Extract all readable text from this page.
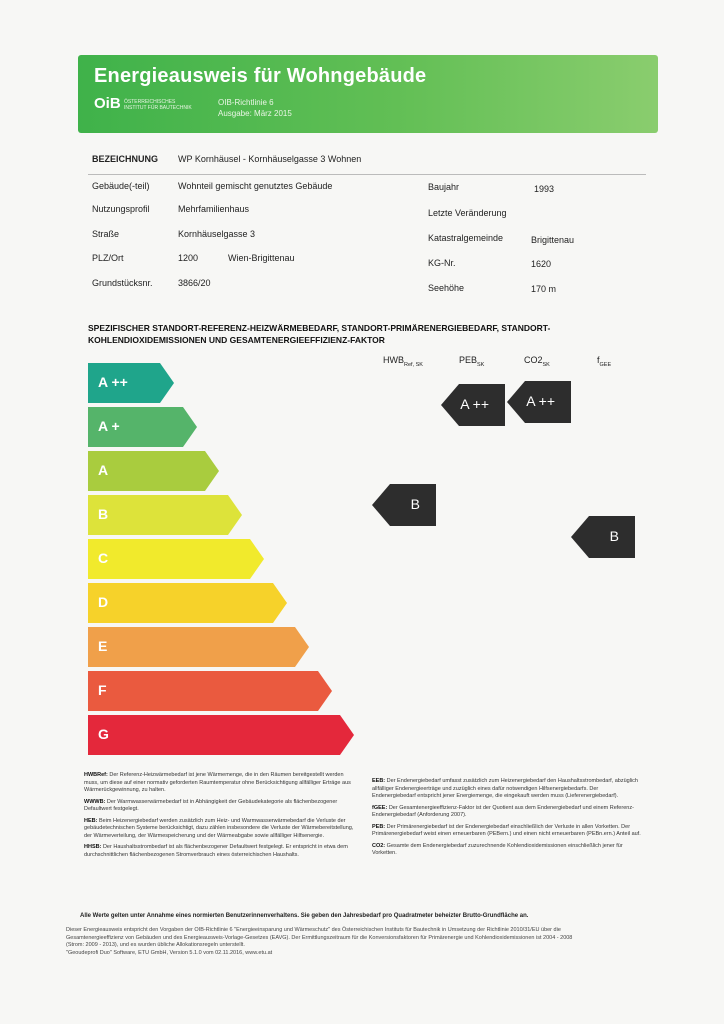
Energieausweis für Wohngebäude
OiB ÖSTERREICHISCHES INSTITUT FÜR BAUTECHNIK
OIB-Richtlinie 6
Ausgabe: März 2015
BEZEICHNUNG WP Kornhäusel - Kornhäuselgasse 3 Wohnen
Gebäude(-teil)	Wohnteil gemischt genutztes Gebäude
Nutzungsprofil	Mehrfamilienhaus
Straße	Kornhäuselgasse 3
PLZ/Ort	1200	Wien-Brigittenau
Grundstücksnr.	3866/20
Baujahr	1993
Letzte Veränderung
Katastralgemeinde	Brigittenau
KG-Nr.	1620
Seehöhe	170 m
SPEZIFISCHER STANDORT-REFERENZ-HEIZWÄRMEBEDARF, STANDORT-PRIMÄRENERGIEBEDARF, STANDORT-KOHLENDIOXIDEMISSIONEN UND GESAMTENERGIEEFFIZIENZ-FAKTOR
$HWB_{Ref, SK}$	$PEB_{SK}$	$CO2_{SK}$	$f_{GEE}$
A ++
A +
A
B
C
D
E
F
G
B
A ++	A ++
B

HWBRef: Der Referenz-Heizwärmebedarf ist jene Wärmemenge, die in den Räumen bereitgestellt werden muss, um diese auf einer normativ geforderten Raumtemperatur ohne Berücksichtigung allfälliger Erträge aus Wärmerückgewinnung, zu halten.

WWWB: Der Warmwasserwärmebedarf ist in Abhängigkeit der Gebäudekategorie als flächenbezogener Defaultwert festgelegt.

HEB: Beim Heizenergiebedarf werden zusätzlich zum Heiz- und Warmwasserwärmebedarf die Verluste der gebäudetechnischen Systeme berücksichtigt, dazu zählen insbesondere die Verluste der Wärmebereitstellung, der Wärmeverteilung, der Wärmespeicherung und der Wärmeabgabe sowie allfälliger Hilfsenergie.

HHSB: Der Haushaltsstrombedarf ist als flächenbezogener Defaultwert festgelegt. Er entspricht in etwa dem durchschnittlichen flächenbezogenen Stromverbrauch eines österreichischen Haushalts.

EEB: Der Endenergiebedarf umfasst zusätzlich zum Heizenergiebedarf den Haushaltsstrombedarf, abzüglich allfälliger Endenergieerträge und zuzüglich eines dafür notwendigen Hilfsenergiebedarfs. Der Endenergiebedarf entspricht jener Energiemenge, die eingekauft werden muss (Lieferenergiebedarf).

fGEE: Der Gesamtenergieeffizienz-Faktor ist der Quotient aus dem Endenergiebedarf und einem Referenz-Endenergiebedarf (Anforderung 2007).

PEB: Der Primärenergiebedarf ist der Endenergiebedarf einschließlich der Verluste in allen Vorketten. Der Primärenergiebedarf weist einen erneuerbaren (PEBern.) und einen nicht erneuerbaren (PEBn.ern.) Anteil auf.

CO2: Gesamte dem Endenergiebedarf zuzurechnende Kohlendioxidemissionen einschließlich jener für Vorketten.

Alle Werte gelten unter Annahme eines normierten Benutzerinnenverhaltens. Sie geben den Jahresbedarf pro Quadratmeter beheizter Brutto-Grundfläche an.

Dieser Energieausweis entspricht den Vorgaben der OIB-Richtlinie 6 "Energieeinsparung und Wärmeschutz" des Österreichischen Instituts für Bautechnik in Umsetzung der Richtlinie 2010/31/EU über die Gesamtenergieeffizienz von Gebäuden und des Energieausweis-Vorlage-Gesetzes (EAVG). Der Ermittlungszeitraum für die Konversionsfaktoren für Primärenergie und Kohlendioxidemissionen ist 2004 - 2008 (Strom: 2009 - 2013), und es wurden übliche Allokationsregeln unterstellt.

"Geoudeprofi Duo" Software, ETU GmbH, Version 5.1.0 vom 02.11.2016, www.etu.at
